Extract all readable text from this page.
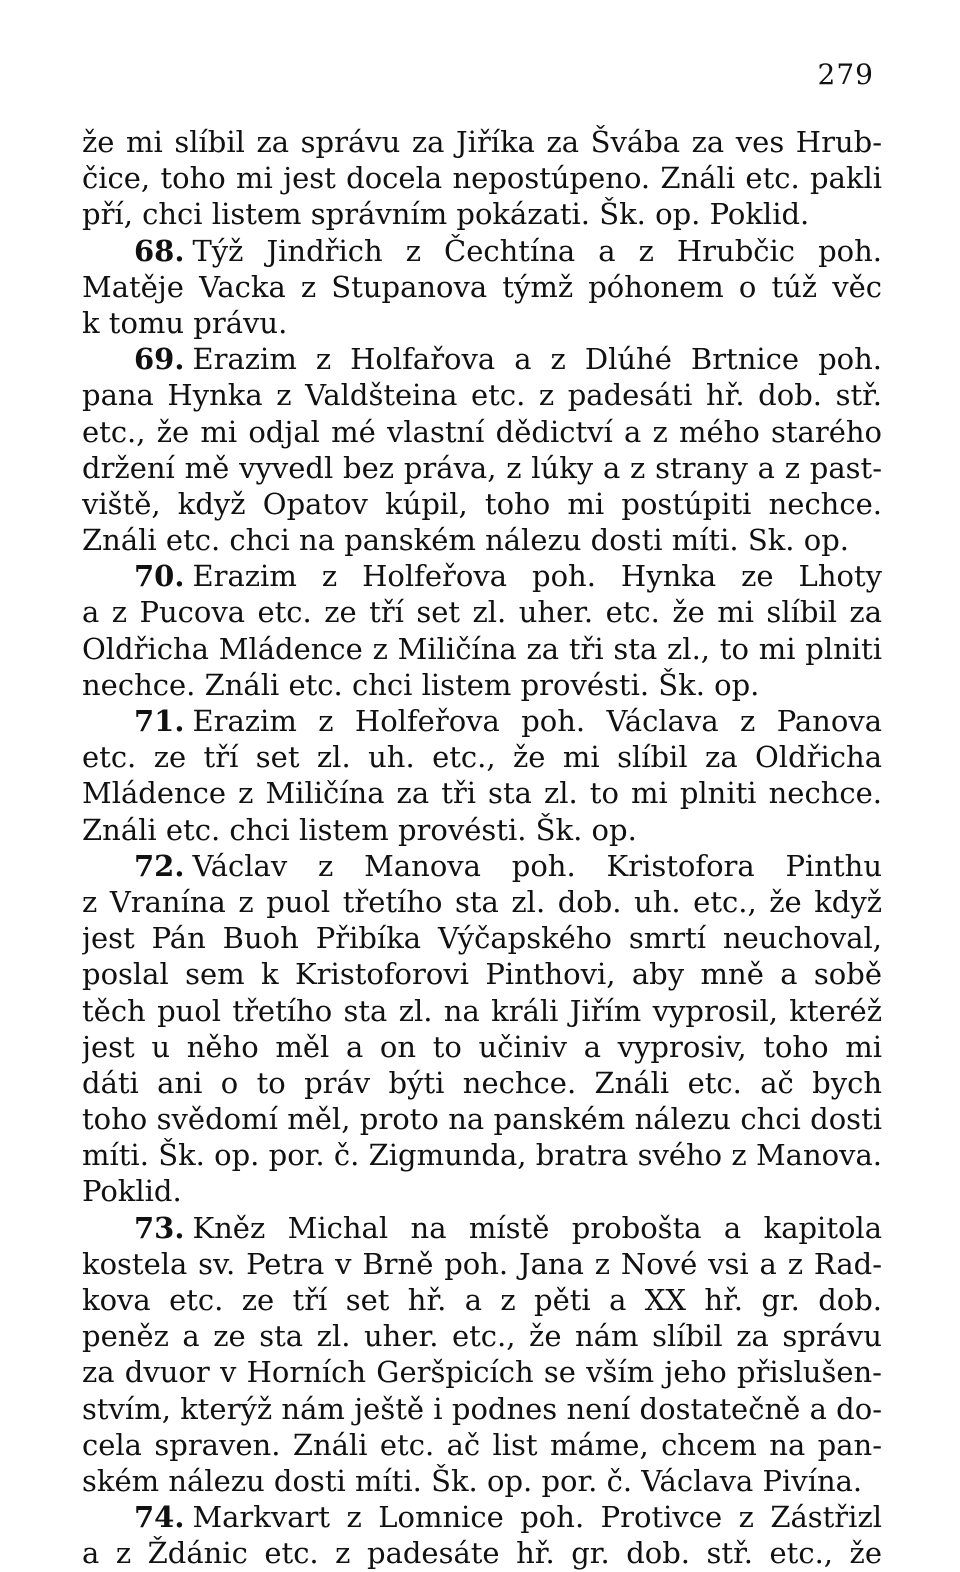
279
že mi slíbil za správu za Jiříka za Švába za ves Hrub-
čice, toho mi jest docela nepostúpeno. Ználi etc. pakli
pří, chci listem správním pokázati. Šk. op. Poklid.
68. Týž Jindřich z Čechtína a z Hrubčic poh.
Matěje Vacka z Stupanova týmž póhonem o túž věc
k tomu právu.
69. Erazim z Holfařova a z Dlúhé Brtnice poh.
pana Hynka z Valdšteina etc. z padesáti hř. dob. stř.
etc., že mi odjal mé vlastní dědictví a z mého starého
držení mě vyvedl bez práva, z lúky a z strany a z past-
viště, když Opatov kúpil, toho mi postúpiti nechce.
Ználi etc. chci na panském nálezu dosti míti. Sk. op.
70. Erazim z Holfeřova poh. Hynka ze Lhoty
a z Pucova etc. ze tří set zl. uher. etc. že mi slíbil za
Oldřicha Mládence z Miličína za tři sta zl., to mi plniti
nechce. Ználi etc. chci listem provésti. Šk. op.
71. Erazim z Holfeřova poh. Václava z Panova
etc. ze tří set zl. uh. etc., že mi slíbil za Oldřicha
Mládence z Miličína za tři sta zl. to mi plniti nechce.
Ználi etc. chci listem provésti. Šk. op.
72. Václav z Manova poh. Kristofora Pinthu
z Vranína z puol třetího sta zl. dob. uh. etc., že když
jest Pán Buoh Přibíka Výčapského smrtí neuchoval,
poslal sem k Kristoforovi Pinthovi, aby mně a sobě
těch puol třetího sta zl. na králi Jiřím vyprosil, kteréž
jest u něho měl a on to učiniv a vyprosiv, toho mi
dáti ani o to práv býti nechce. Ználi etc. ač bych
toho svědomí měl, proto na panském nálezu chci dosti
míti. Šk. op. por. č. Zigmunda, bratra svého z Manova.
Poklid.
73. Kněz Michal na místě probošta a kapitola
kostela sv. Petra v Brně poh. Jana z Nové vsi a z Rad-
kova etc. ze tří set hř. a z pěti a XX hř. gr. dob.
peněz a ze sta zl. uher. etc., že nám slíbil za správu
za dvuor v Horních Geršpicích se vším jeho přislušen-
stvím, kterýž nám ještě i podnes není dostatečně a do-
cela spraven. Ználi etc. ač list máme, chcem na pan-
ském nálezu dosti míti. Šk. op. por. č. Václava Pivína.
74. Markvart z Lomnice poh. Protivce z Zástřizl
a z Ždánic etc. z padesáte hř. gr. dob. stř. etc., že
